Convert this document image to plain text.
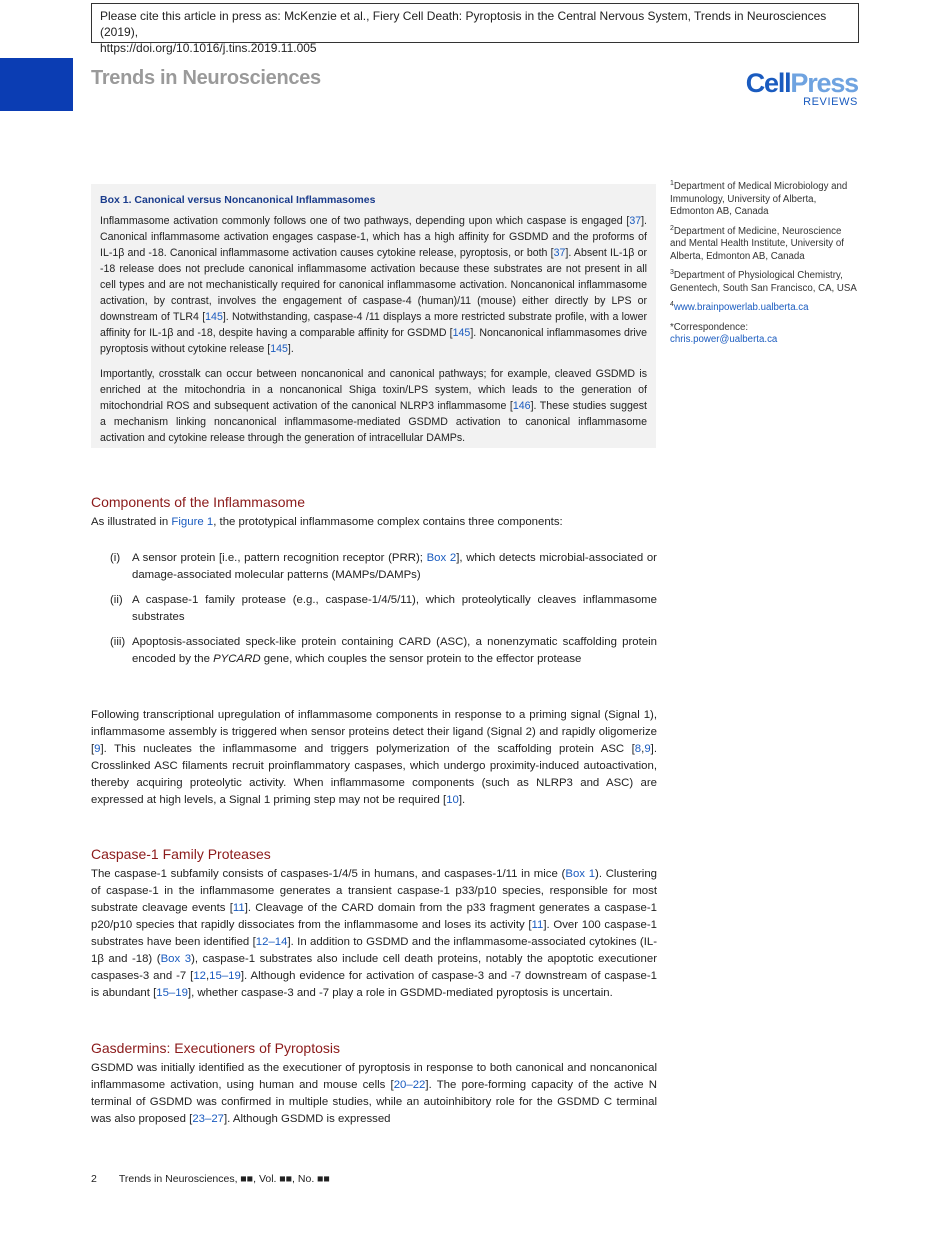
Please cite this article in press as: McKenzie et al., Fiery Cell Death: Pyroptosis in the Central Nervous System, Trends in Neurosciences (2019),
https://doi.org/10.1016/j.tins.2019.11.005
Trends in Neurosciences	CellPress
REVIEWS
Box 1. Canonical versus Noncanonical Inflammasomes

Inflammasome activation commonly follows one of two pathways, depending upon which caspase is engaged [37]. Canonical inflammasome activation engages caspase-1, which has a high affinity for GSDMD and the proforms of IL-1β and -18. Canonical inflammasome activation causes cytokine release, pyroptosis, or both [37]. Absent IL-1β or -18 release does not preclude canonical inflammasome activation because these substrates are not present in all cell types and are not mechanistically required for canonical inflammasome activation. Noncanonical inflammasome activation, by contrast, involves the engagement of caspase-4 (human)/11 (mouse) either directly by LPS or downstream of TLR4 [145]. Notwithstanding, caspase-4 /11 displays a more restricted substrate profile, with a lower affinity for IL-1β and -18, despite having a comparable affinity for GSDMD [145]. Noncanonical inflammasomes drive pyroptosis without cytokine release [145].

Importantly, crosstalk can occur between noncanonical and canonical pathways; for example, cleaved GSDMD is enriched at the mitochondria in a noncanonical Shiga toxin/LPS system, which leads to the generation of mitochondrial ROS and subsequent activation of the canonical NLRP3 inflammasome [146]. These studies suggest a mechanism linking noncanonical inflammasome-mediated GSDMD activation to canonical inflammasome activation and cytokine release through the generation of intracellular DAMPs.

$^1$Department of Medical Microbiology and Immunology, University of Alberta, Edmonton AB, Canada
$^2$Department of Medicine, Neuroscience and Mental Health Institute, University of Alberta, Edmonton AB, Canada
$^3$Department of Physiological Chemistry, Genentech, South San Francisco, CA, USA
$^4$www.brainpowerlab.ualberta.ca
*Correspondence:
chris.power@ualberta.ca
Components of the Inflammasome
As illustrated in Figure 1, the prototypical inflammasome complex contains three components:
(i)	A sensor protein [i.e., pattern recognition receptor (PRR); Box 2], which detects microbial-associated or damage-associated molecular patterns (MAMPs/DAMPs)
(ii) A caspase-1 family protease (e.g., caspase-1/4/5/11), which proteolytically cleaves inflammasome substrates
(iii) Apoptosis-associated speck-like protein containing CARD (ASC), a nonenzymatic scaffolding protein encoded by the PYCARD gene, which couples the sensor protein to the effector protease
Following transcriptional upregulation of inflammasome components in response to a priming signal (Signal 1), inflammasome assembly is triggered when sensor proteins detect their ligand (Signal 2) and rapidly oligomerize [9]. This nucleates the inflammasome and triggers polymerization of the scaffolding protein ASC [8,9]. Crosslinked ASC filaments recruit proinflammatory caspases, which undergo proximity-induced autoactivation, thereby acquiring proteolytic activity. When inflammasome components (such as NLRP3 and ASC) are expressed at high levels, a Signal 1 priming step may not be required [10].
Caspase-1 Family Proteases
The caspase-1 subfamily consists of caspases-1/4/5 in humans, and caspases-1/11 in mice (Box 1). Clustering of caspase-1 in the inflammasome generates a transient caspase-1 p33/p10 species, responsible for most substrate cleavage events [11]. Cleavage of the CARD domain from the p33 fragment generates a caspase-1 p20/p10 species that rapidly dissociates from the inflammasome and loses its activity [11]. Over 100 caspase-1 substrates have been identified [12–14]. In addition to GSDMD and the inflammasome-associated cytokines (IL-1β and -18) (Box 3), caspase-1 substrates also include cell death proteins, notably the apoptotic executioner caspases-3 and -7 [12,15–19]. Although evidence for activation of caspase-3 and -7 downstream of caspase-1 is abundant [15–19], whether caspase-3 and -7 play a role in GSDMD-mediated pyroptosis is uncertain.
Gasdermins: Executioners of Pyroptosis
GSDMD was initially identified as the executioner of pyroptosis in response to both canonical and noncanonical inflammasome activation, using human and mouse cells [20–22]. The pore-forming capacity of the active N terminal of GSDMD was confirmed in multiple studies, while an autoinhibitory role for the GSDMD C terminal was also proposed [23–27]. Although GSDMD is expressed
2 Trends in Neurosciences, ■■, Vol. ■■, No. ■■
